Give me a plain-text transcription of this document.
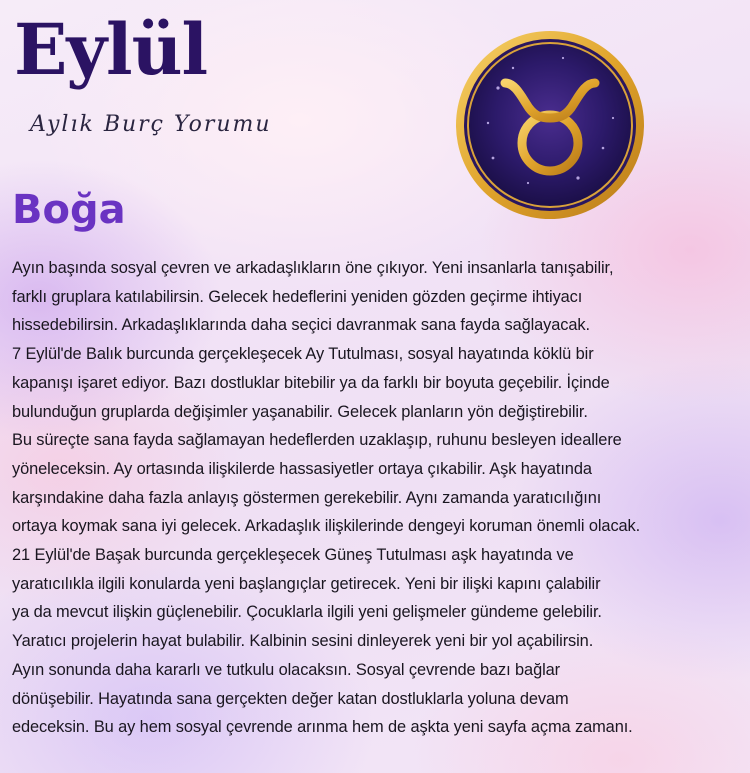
Eylül
Aylık Burç Yorumu
Boğa
Ayın başında sosyal çevren ve arkadaşlıkların öne çıkıyor. Yeni insanlarla tanışabilir,
farklı gruplara katılabilirsin. Gelecek hedeflerini yeniden gözden geçirme ihtiyacı
hissedebilirsin. Arkadaşlıklarında daha seçici davranmak sana fayda sağlayacak.
7 Eylül'de Balık burcunda gerçekleşecek Ay Tutulması, sosyal hayatında köklü bir
kapanışı işaret ediyor. Bazı dostluklar bitebilir ya da farklı bir boyuta geçebilir. İçinde
bulunduğun gruplarda değişimler yaşanabilir. Gelecek planların yön değiştirebilir.
Bu süreçte sana fayda sağlamayan hedeflerden uzaklaşıp, ruhunu besleyen ideallere
yöneleceksin. Ay ortasında ilişkilerde hassasiyetler ortaya çıkabilir. Aşk hayatında
karşındakine daha fazla anlayış göstermen gerekebilir. Aynı zamanda yaratıcılığını
ortaya koymak sana iyi gelecek. Arkadaşlık ilişkilerinde dengeyi koruman önemli olacak.
21 Eylül'de Başak burcunda gerçekleşecek Güneş Tutulması aşk hayatında ve
yaratıcılıkla ilgili konularda yeni başlangıçlar getirecek. Yeni bir ilişki kapını çalabilir
ya da mevcut ilişkin güçlenebilir. Çocuklarla ilgili yeni gelişmeler gündeme gelebilir.
Yaratıcı projelerin hayat bulabilir. Kalbinin sesini dinleyerek yeni bir yol açabilirsin.
Ayın sonunda daha kararlı ve tutkulu olacaksın. Sosyal çevrende bazı bağlar
dönüşebilir. Hayatında sana gerçekten değer katan dostluklarla yoluna devam
edeceksin. Bu ay hem sosyal çevrende arınma hem de aşkta yeni sayfa açma zamanı.
